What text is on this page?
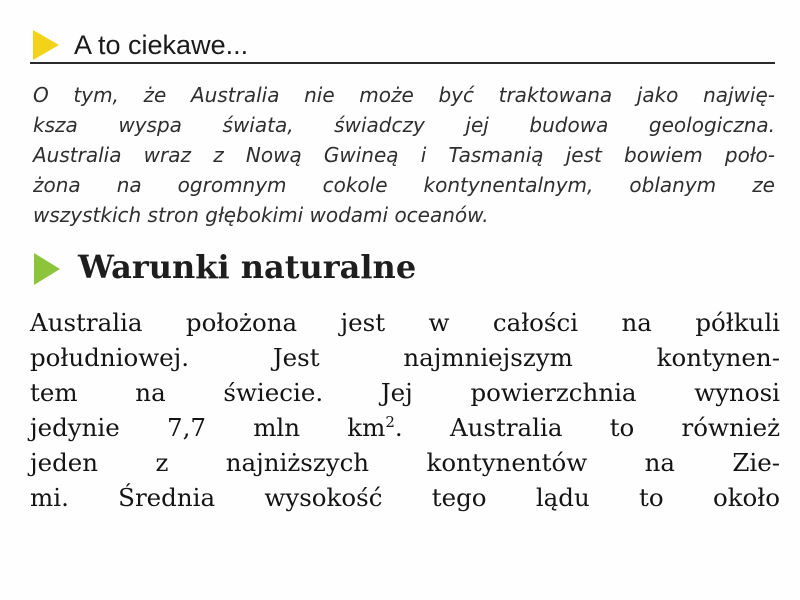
A to ciekawe...
O tym, że Australia nie może być traktowana jako najwię-
ksza wyspa świata, świadczy jej budowa geologiczna.
Australia wraz z Nową Gwineą i Tasmanią jest bowiem poło-
żona na ogromnym cokole kontynentalnym, oblanym ze
wszystkich stron głębokimi wodami oceanów.
Warunki naturalne
Australia położona jest w całości na półkuli
południowej. Jest najmniejszym kontynen-
tem na świecie. Jej powierzchnia wynosi
jedynie 7,7 mln $km^2$. Australia to również
jeden z najniższych kontynentów na Zie-
mi. Średnia wysokość tego lądu to około
